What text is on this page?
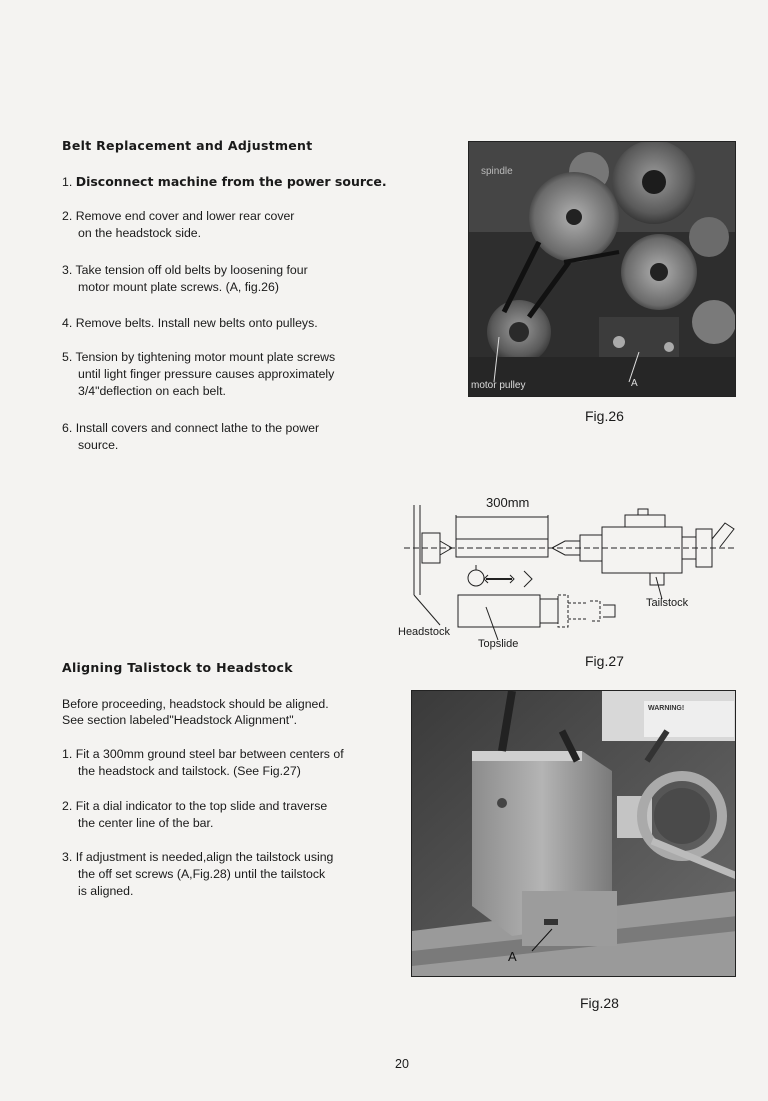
Belt Replacement and Adjustment
1. Disconnect machine from the power source.
2. Remove end cover and lower rear cover
on the headstock side.
3. Take tension off old belts by loosening four
motor mount plate screws. (A, fig.26)
4. Remove belts. Install new belts onto pulleys.
5. Tension by tightening motor mount plate screws
until light finger pressure causes approximately
3/4"deflection on each belt.
6. Install covers and connect lathe to the power
source.
spindle
motor pulley	A
Fig.26
300mm
Tailstock
Headstock
Topslide
Fig.27
Aligning Talistock to Headstock
Before proceeding, headstock should be aligned.
See section labeled"Headstock Alignment".
1. Fit a 300mm ground steel bar between centers of
the headstock and tailstock. (See Fig.27)
2. Fit a dial indicator to the top slide and traverse
the center line of the bar.
3. If adjustment is needed,align the tailstock using
the off set screws (A,Fig.28) until the tailstock
is aligned.
WARNING!
A
Fig.28
20
